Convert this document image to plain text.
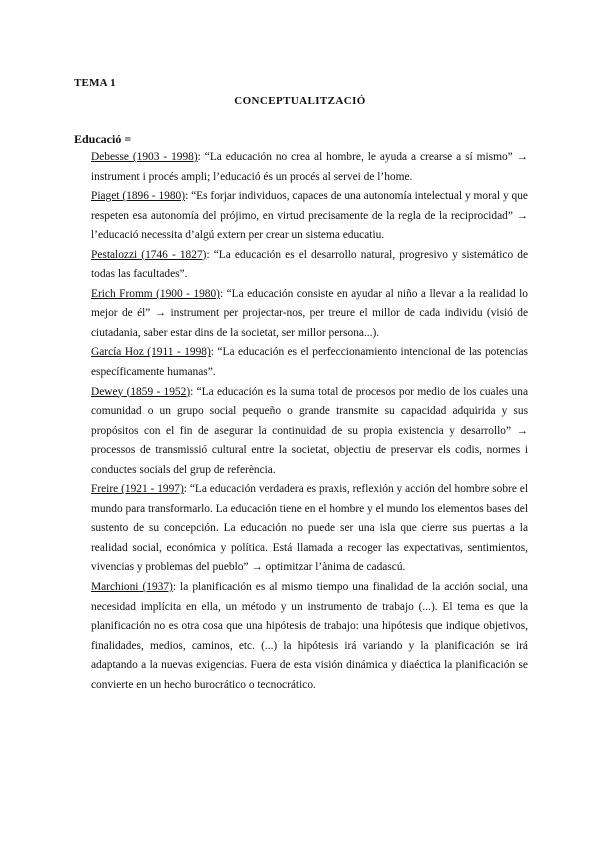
TEMA 1
CONCEPTUALITZACIÓ
Educació =

Debesse (1903 - 1998): “La educación no crea al hombre, le ayuda a crearse a sí mismo” → instrument i procés ampli; l’educació és un procés al servei de l’home.

Piaget (1896 - 1980): “Es forjar individuos, capaces de una autonomía intelectual y moral y que respeten esa autonomía del prójimo, en virtud precisamente de la regla de la reciprocidad” → l’educació necessita d’algú extern per crear un sistema educatiu.

Pestalozzi (1746 - 1827): “La educación es el desarrollo natural, progresivo y sistemático de todas las facultades”.

Erich Fromm (1900 - 1980): “La educación consiste en ayudar al niño a llevar a la realidad lo mejor de él” → instrument per projectar-nos, per treure el millor de cada individu (visió de ciutadania, saber estar dins de la societat, ser millor persona...).

García Hoz (1911 - 1998): “La educación es el perfeccionamiento intencional de las potencias específicamente humanas”.

Dewey (1859 - 1952): “La educación es la suma total de procesos por medio de los cuales una comunidad o un grupo social pequeño o grande transmite su capacidad adquirida y sus propósitos con el fin de asegurar la continuidad de su propia existencia y desarrollo” → processos de transmissió cultural entre la societat, objectiu de preservar els codis, normes i conductes socials del grup de referència.

Freire (1921 - 1997): “La educación verdadera es praxis, reflexión y acción del hombre sobre el mundo para transformarlo. La educación tiene en el hombre y el mundo los elementos bases del sustento de su concepción. La educación no puede ser una isla que cierre sus puertas a la realidad social, económica y política. Está llamada a recoger las expectativas, sentimientos, vivencias y problemas del pueblo” → optimitzar l’ànima de cadascú.

Marchioni (1937): la planificación es al mismo tiempo una finalidad de la acción social, una necesidad implícita en ella, un método y un instrumento de trabajo (...). El tema es que la planificación no es otra cosa que una hipótesis de trabajo: una hipótesis que indique objetivos, finalidades, medios, caminos, etc. (...) la hipótesis irá variando y la planificación se irá adaptando a la nuevas exigencias. Fuera de esta visión dinámica y diaéctica la planificación se convierte en un hecho burocrático o tecnocrático.
